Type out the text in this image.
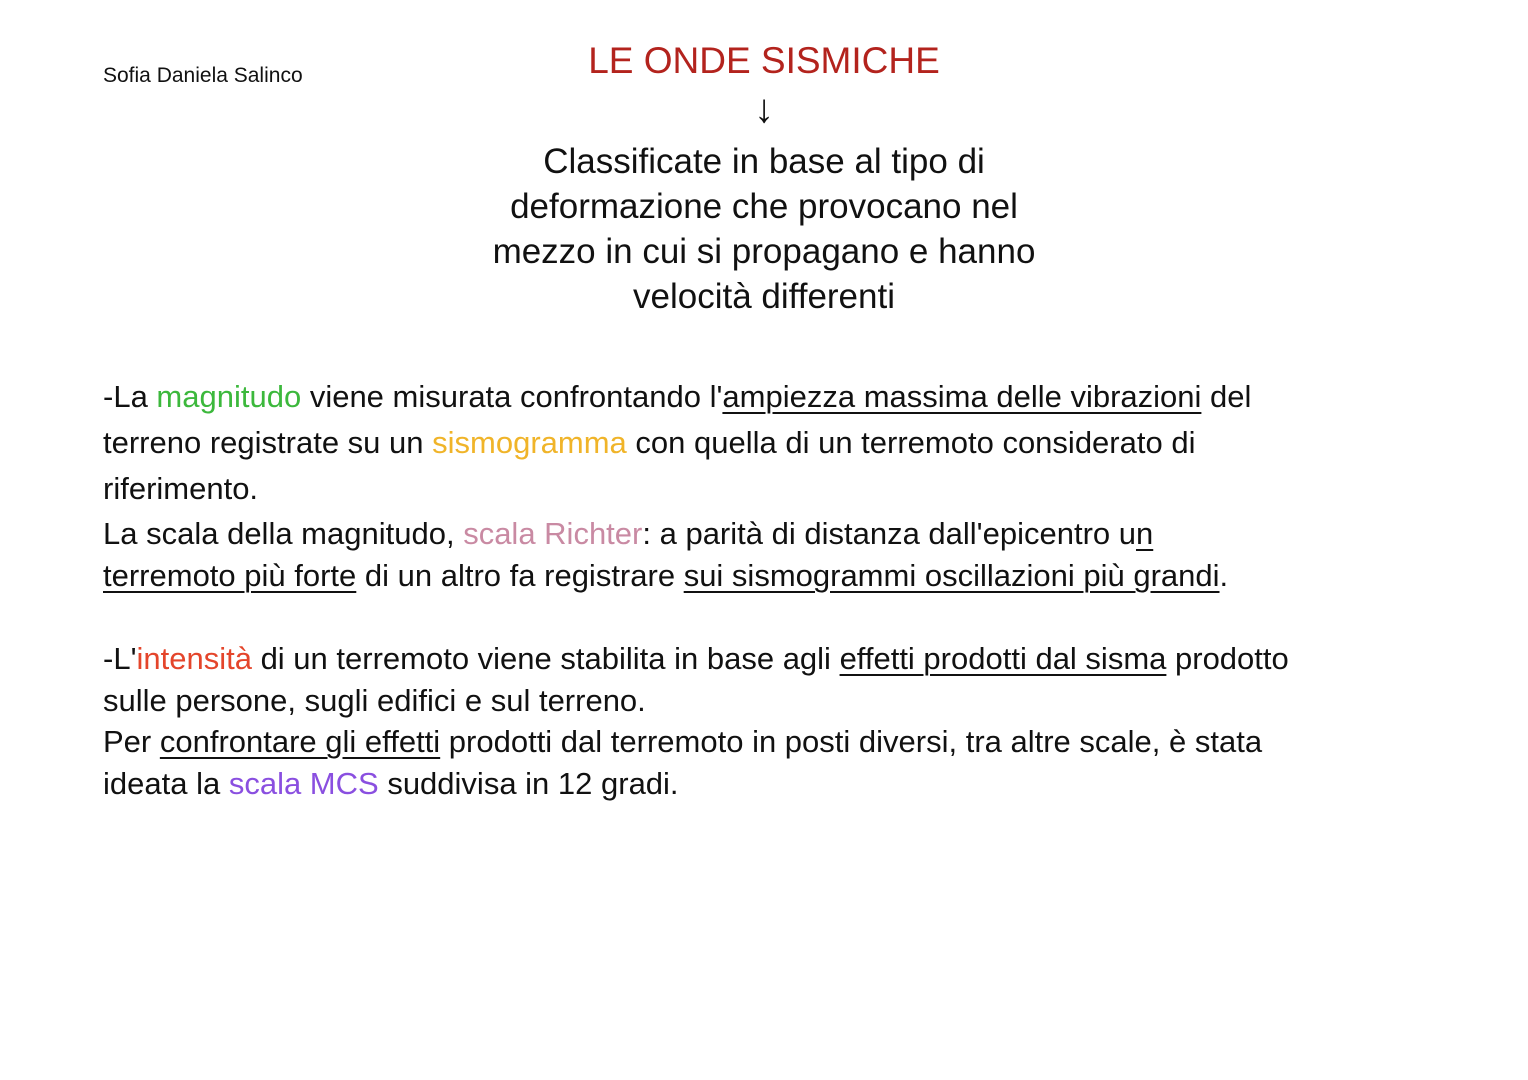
Sofia Daniela Salinco	LE ONDE SISMICHE
↓
Classificate in base al tipo di
deformazione che provocano nel
mezzo in cui si propagano e hanno
velocità differenti
-La magnitudo viene misurata confrontando l'ampiezza massima delle vibrazioni del
terreno registrate su un sismogramma con quella di un terremoto considerato di
riferimento.
La scala della magnitudo, scala Richter: a parità di distanza dall'epicentro un
terremoto più forte di un altro fa registrare sui sismogrammi oscillazioni più grandi.
-L'intensità di un terremoto viene stabilita in base agli effetti prodotti dal sisma prodotto
sulle persone, sugli edifici e sul terreno.
Per confrontare gli effetti prodotti dal terremoto in posti diversi, tra altre scale, è stata
ideata la scala MCS suddivisa in 12 gradi.
